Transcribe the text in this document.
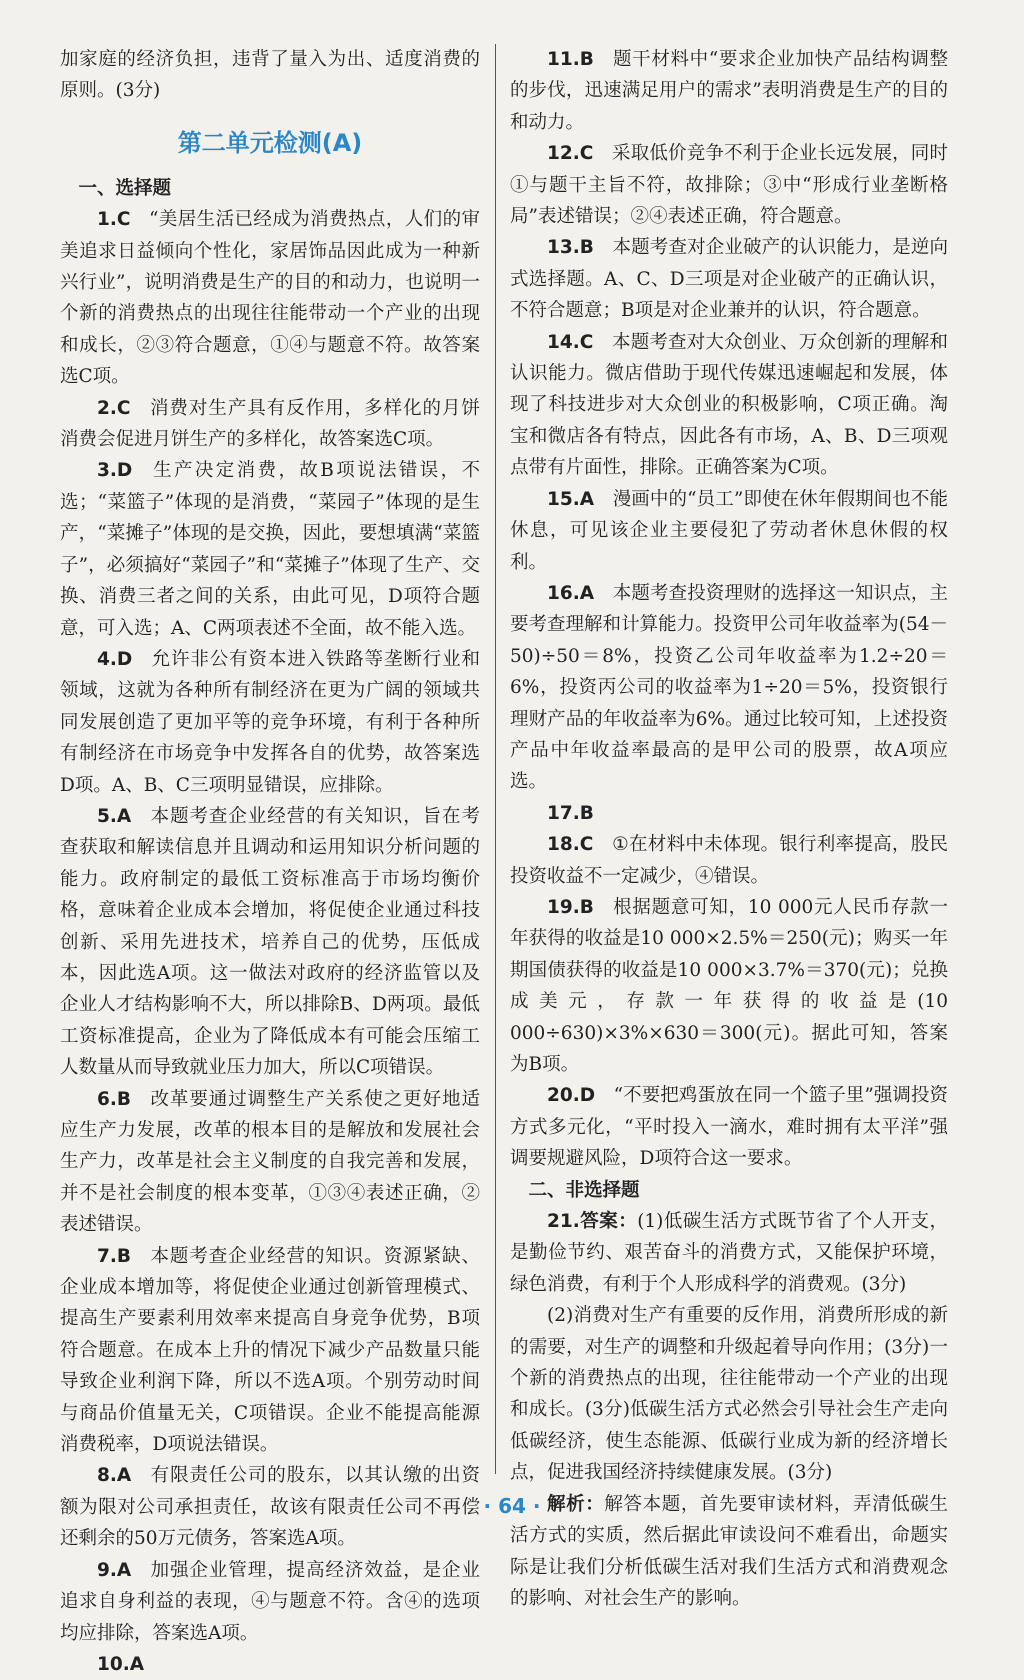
加家庭的经济负担，违背了量入为出、适度消费的原则。(3分)

第二单元检测(A)

一、选择题

1.C  “美居生活已经成为消费热点，人们的审美追求日益倾向个性化，家居饰品因此成为一种新兴行业”，说明消费是生产的目的和动力，也说明一个新的消费热点的出现往往能带动一个产业的出现和成长，②③符合题意，①④与题意不符。故答案选C项。

2.C  消费对生产具有反作用，多样化的月饼消费会促进月饼生产的多样化，故答案选C项。

3.D  生产决定消费，故B项说法错误，不选；“菜篮子”体现的是消费，“菜园子”体现的是生产，“菜摊子”体现的是交换，因此，要想填满“菜篮子”，必须搞好“菜园子”和“菜摊子”体现了生产、交换、消费三者之间的关系，由此可见，D项符合题意，可入选；A、C两项表述不全面，故不能入选。

4.D  允许非公有资本进入铁路等垄断行业和领域，这就为各种所有制经济在更为广阔的领域共同发展创造了更加平等的竞争环境，有利于各种所有制经济在市场竞争中发挥各自的优势，故答案选D项。A、B、C三项明显错误，应排除。

5.A  本题考查企业经营的有关知识，旨在考查获取和解读信息并且调动和运用知识分析问题的能力。政府制定的最低工资标准高于市场均衡价格，意味着企业成本会增加，将促使企业通过科技创新、采用先进技术，培养自己的优势，压低成本，因此选A项。这一做法对政府的经济监管以及企业人才结构影响不大，所以排除B、D两项。最低工资标准提高，企业为了降低成本有可能会压缩工人数量从而导致就业压力加大，所以C项错误。

6.B  改革要通过调整生产关系使之更好地适应生产力发展，改革的根本目的是解放和发展社会生产力，改革是社会主义制度的自我完善和发展，并不是社会制度的根本变革，①③④表述正确，②表述错误。

7.B  本题考查企业经营的知识。资源紧缺、企业成本增加等，将促使企业通过创新管理模式、提高生产要素利用效率来提高自身竞争优势，B项符合题意。在成本上升的情况下减少产品数量只能导致企业利润下降，所以不选A项。个别劳动时间与商品价值量无关，C项错误。企业不能提高能源消费税率，D项说法错误。

8.A  有限责任公司的股东，以其认缴的出资额为限对公司承担责任，故该有限责任公司不再偿还剩余的50万元债务，答案选A项。

9.A  加强企业管理，提高经济效益，是企业追求自身利益的表现，④与题意不符。含④的选项均应排除，答案选A项。

10.A

11.B  题干材料中“要求企业加快产品结构调整的步伐，迅速满足用户的需求”表明消费是生产的目的和动力。

12.C  采取低价竞争不利于企业长远发展，同时①与题干主旨不符，故排除；③中“形成行业垄断格局”表述错误；②④表述正确，符合题意。

13.B  本题考查对企业破产的认识能力，是逆向式选择题。A、C、D三项是对企业破产的正确认识，不符合题意；B项是对企业兼并的认识，符合题意。

14.C  本题考查对大众创业、万众创新的理解和认识能力。微店借助于现代传媒迅速崛起和发展，体现了科技进步对大众创业的积极影响，C项正确。淘宝和微店各有特点，因此各有市场，A、B、D三项观点带有片面性，排除。正确答案为C项。

15.A  漫画中的“员工”即使在休年假期间也不能休息，可见该企业主要侵犯了劳动者休息休假的权利。

16.A  本题考查投资理财的选择这一知识点，主要考查理解和计算能力。投资甲公司年收益率为(54－50)÷50＝8%，投资乙公司年收益率为1.2÷20＝6%，投资丙公司的收益率为1÷20＝5%，投资银行理财产品的年收益率为6%。通过比较可知，上述投资产品中年收益率最高的是甲公司的股票，故A项应选。

17.B

18.C  ①在材料中未体现。银行利率提高，股民投资收益不一定减少，④错误。

19.B  根据题意可知，10 000元人民币存款一年获得的收益是10 000×2.5%＝250(元)；购买一年期国债获得的收益是10 000×3.7%＝370(元)；兑换成美元，存款一年获得的收益是(10 000÷630)×3%×630＝300(元)。据此可知，答案为B项。

20.D  “不要把鸡蛋放在同一个篮子里”强调投资方式多元化，“平时投入一滴水，难时拥有太平洋”强调要规避风险，D项符合这一要求。

二、非选择题

21.答案：(1)低碳生活方式既节省了个人开支，是勤俭节约、艰苦奋斗的消费方式，又能保护环境，绿色消费，有利于个人形成科学的消费观。(3分)

(2)消费对生产有重要的反作用，消费所形成的新的需要，对生产的调整和升级起着导向作用；(3分)一个新的消费热点的出现，往往能带动一个产业的出现和成长。(3分)低碳生活方式必然会引导社会生产走向低碳经济，使生态能源、低碳行业成为新的经济增长点，促进我国经济持续健康发展。(3分)

解析：解答本题，首先要审读材料，弄清低碳生活方式的实质，然后据此审读设问不难看出，命题实际是让我们分析低碳生活对我们生活方式和消费观念的影响、对社会生产的影响。

· 64 ·
